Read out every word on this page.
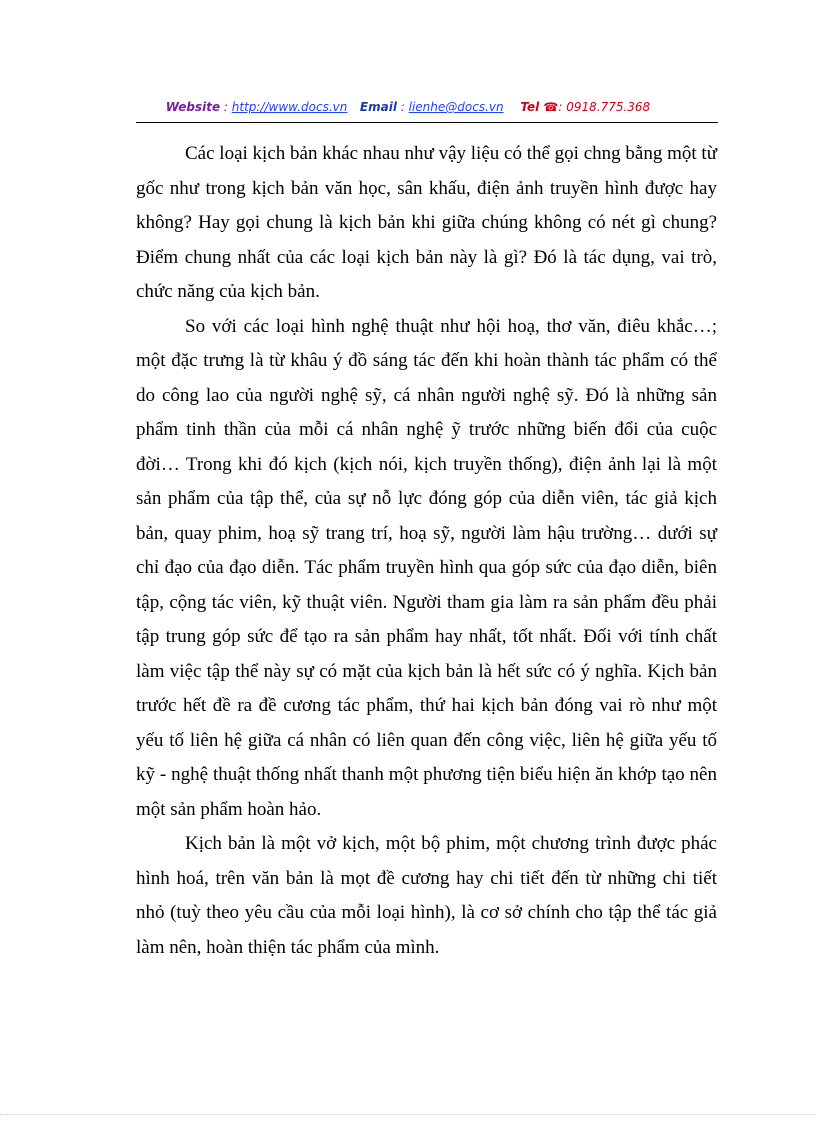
Website : http://www.docs.vn Email : lienhe@docs.vn Tel ☎: 0918.775.368

Các loại kịch bản khác nhau như vậy liệu có thể gọi chng bằng một từ gốc như trong kịch bản văn học, sân khấu, điện ảnh truyền hình được hay không? Hay gọi chung là kịch bản khi giữa chúng không có nét gì chung? Điểm chung nhất của các loại kịch bản này là gì? Đó là tác dụng, vai trò, chức năng của kịch bản.

So với các loại hình nghệ thuật như hội hoạ, thơ văn, điêu khắc…; một đặc trưng là từ khâu ý đồ sáng tác đến khi hoàn thành tác phẩm có thể do công lao của người nghệ sỹ, cá nhân người nghệ sỹ. Đó là những sản phẩm tinh thần của mỗi cá nhân nghệ ỹ trước những biến đổi của cuộc đời… Trong khi đó kịch (kịch nói, kịch truyền thống), điện ảnh lại là một sản phẩm của tập thể, của sự nỗ lực đóng góp của diễn viên, tác giả kịch bản, quay phim, hoạ sỹ trang trí, hoạ sỹ, người làm hậu trường… dưới sự chỉ đạo của đạo diễn. Tác phẩm truyền hình qua góp sức của đạo diễn, biên tập, cộng tác viên, kỹ thuật viên. Người tham gia làm ra sản phẩm đều phải tập trung góp sức để tạo ra sản phẩm hay nhất, tốt nhất. Đối với tính chất làm việc tập thể này sự có mặt của kịch bản là hết sức có ý nghĩa. Kịch bản trước hết đề ra đề cương tác phẩm, thứ hai kịch bản đóng vai rò như một yếu tố liên hệ giữa cá nhân có liên quan đến công việc, liên hệ giữa yếu tố kỹ - nghệ thuật thống nhất thanh một phương tiện biểu hiện ăn khớp tạo nên một sản phẩm hoàn hảo.

Kịch bản là một vở kịch, một bộ phim, một chương trình được phác hình hoá, trên văn bản là mọt đề cương hay chi tiết đến từ những chi tiết nhỏ (tuỳ theo yêu cầu của mỗi loại hình), là cơ sở chính cho tập thể tác giả làm nên, hoàn thiện tác phẩm của mình.
